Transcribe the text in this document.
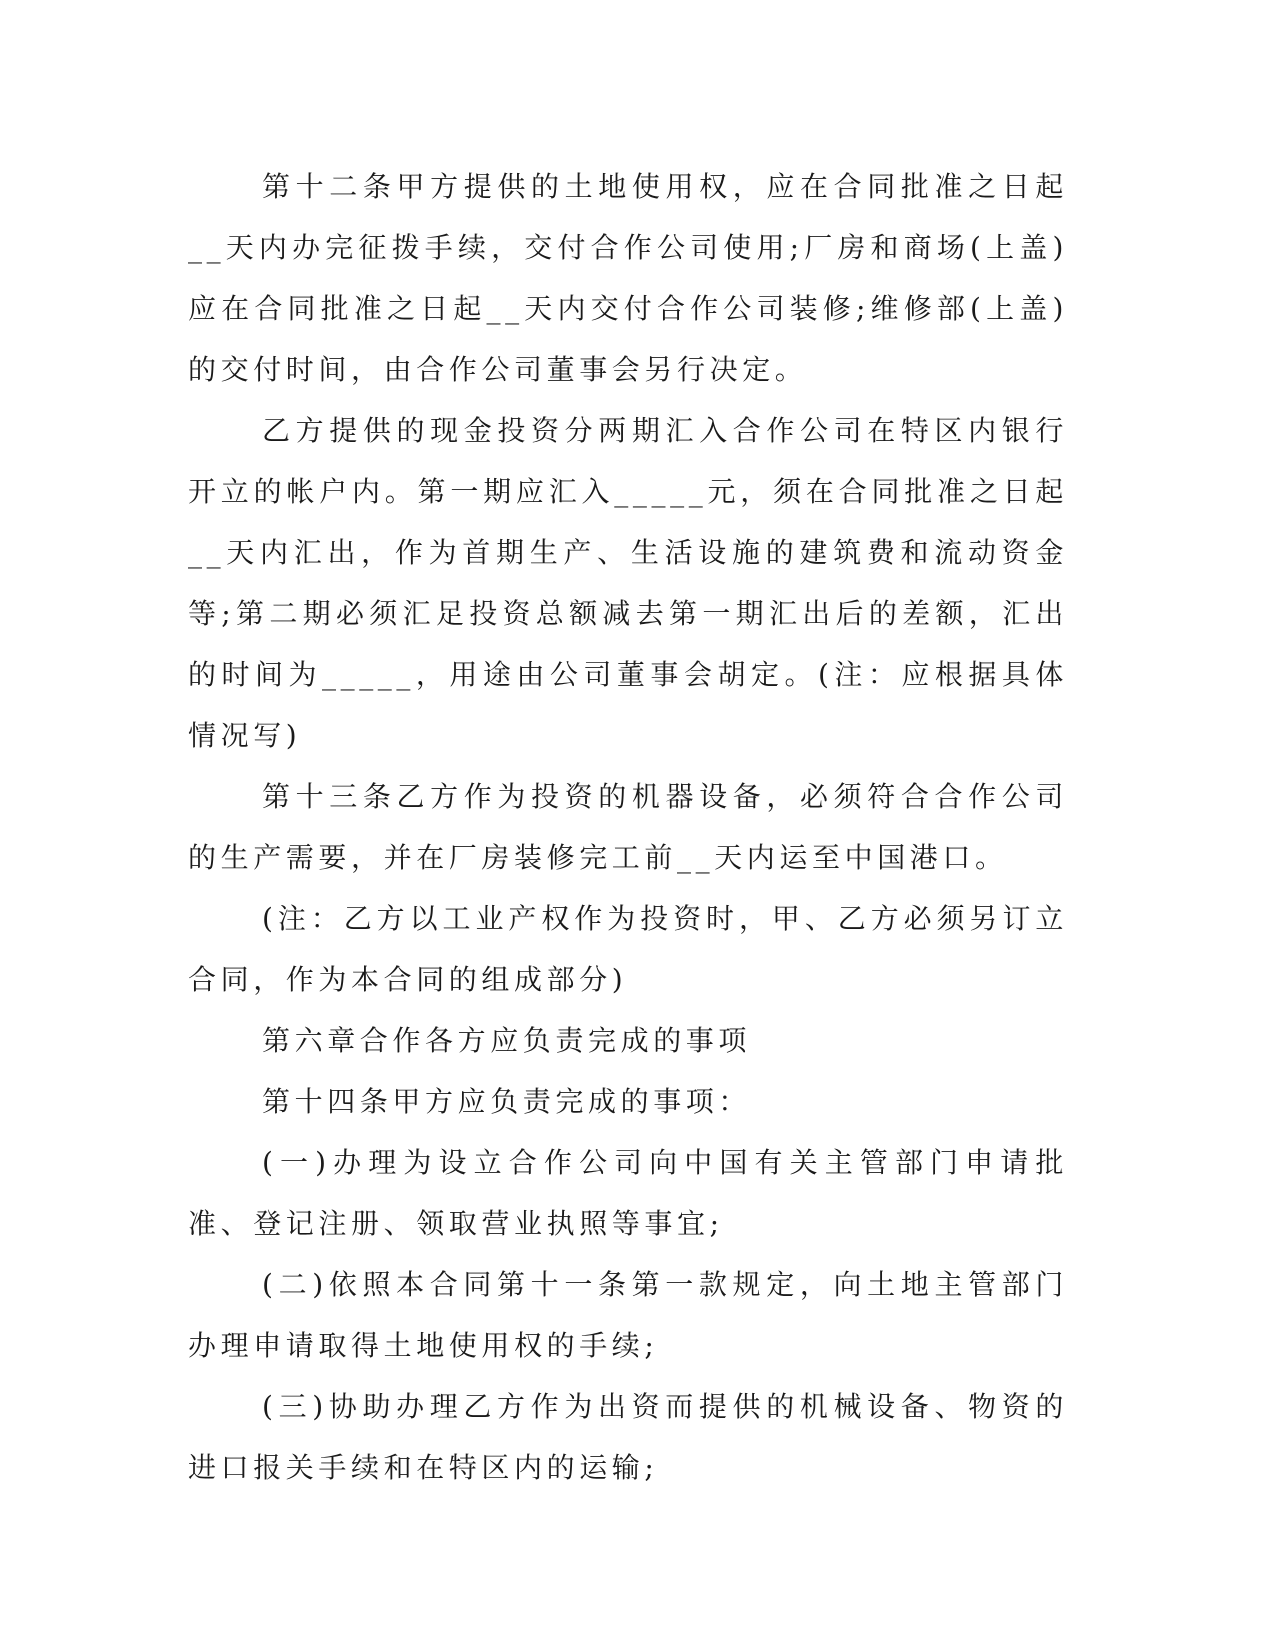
第十二条甲方提供的土地使用权，应在合同批准之日起__天内办完征拨手续，交付合作公司使用;厂房和商场(上盖)应在合同批准之日起__天内交付合作公司装修;维修部(上盖)的交付时间，由合作公司董事会另行决定。

乙方提供的现金投资分两期汇入合作公司在特区内银行开立的帐户内。第一期应汇入_____元，须在合同批准之日起__天内汇出，作为首期生产、生活设施的建筑费和流动资金等;第二期必须汇足投资总额减去第一期汇出后的差额，汇出的时间为_____，用途由公司董事会胡定。(注：应根据具体情况写)

第十三条乙方作为投资的机器设备，必须符合合作公司的生产需要，并在厂房装修完工前__天内运至中国港口。

(注：乙方以工业产权作为投资时，甲、乙方必须另订立合同，作为本合同的组成部分)

第六章合作各方应负责完成的事项

第十四条甲方应负责完成的事项：

(一)办理为设立合作公司向中国有关主管部门申请批准、登记注册、领取营业执照等事宜;

(二)依照本合同第十一条第一款规定，向土地主管部门办理申请取得土地使用权的手续;

(三)协助办理乙方作为出资而提供的机械设备、物资的进口报关手续和在特区内的运输;
